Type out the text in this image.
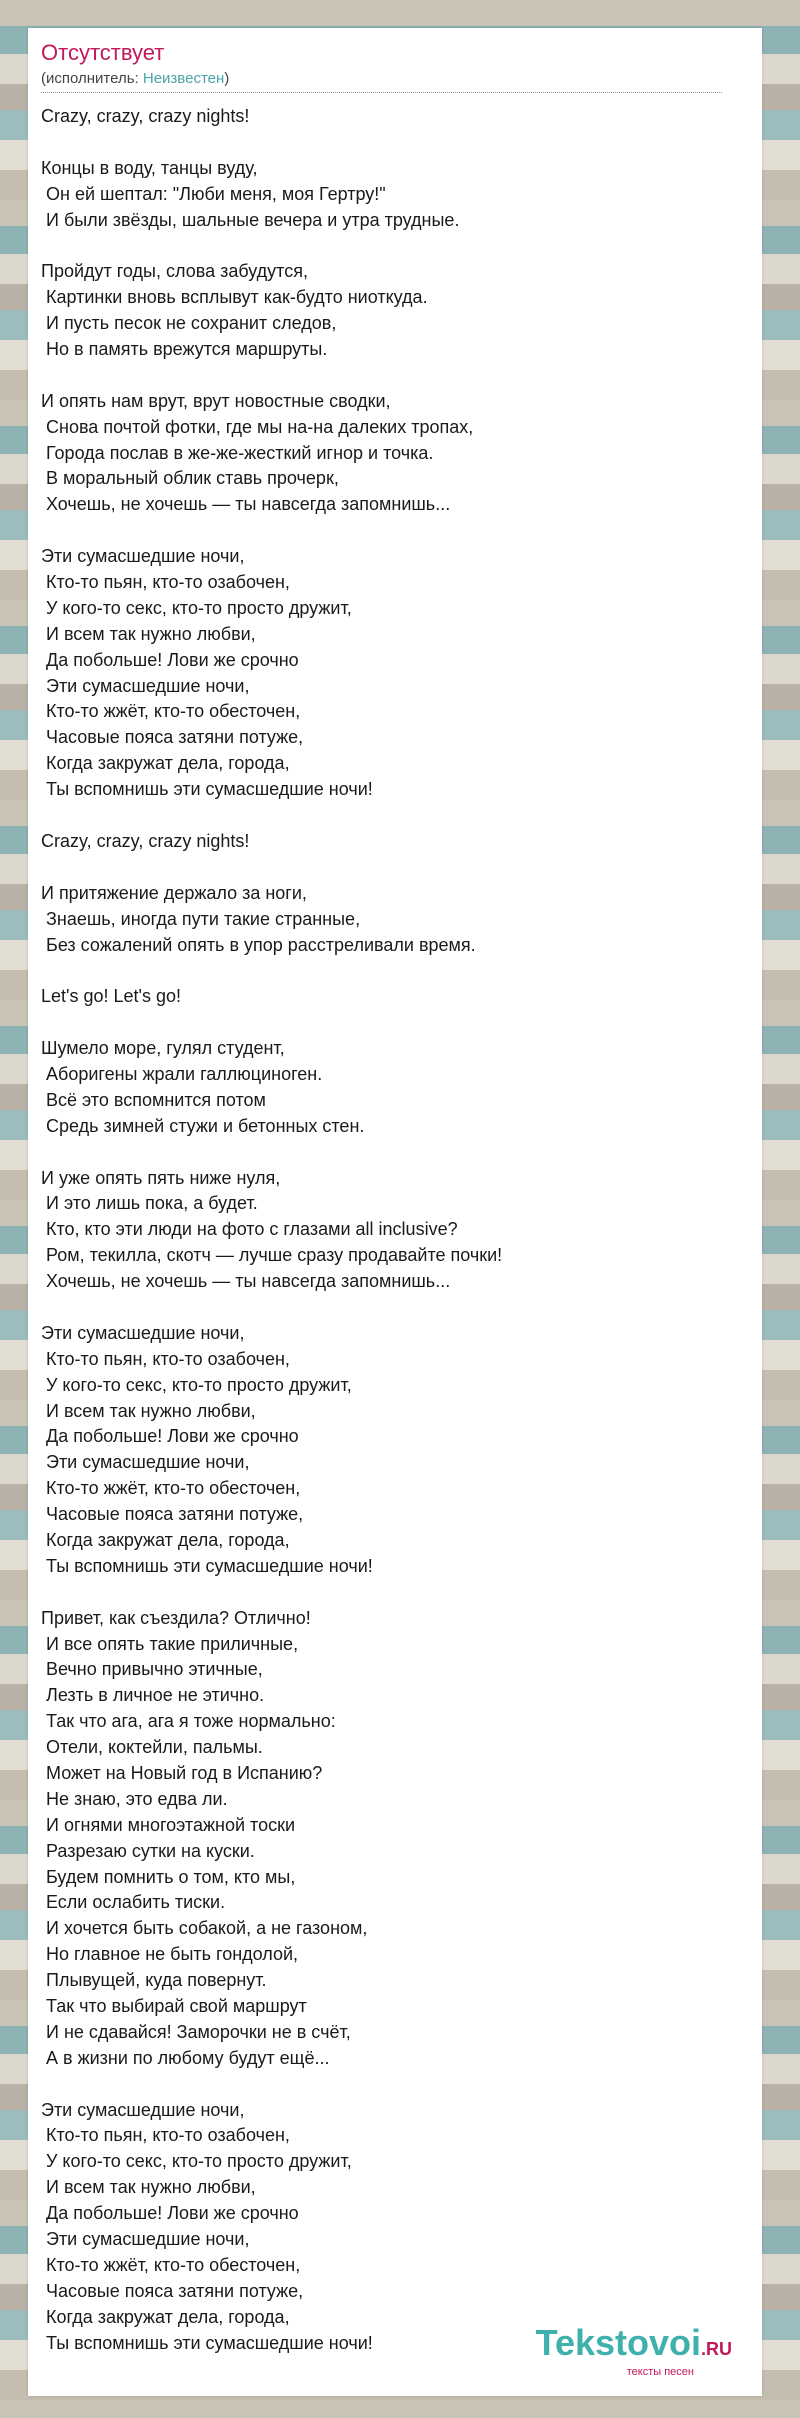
Отсутствует
(исполнитель: Неизвестен)
Crazy, crazy, crazy nights!
Концы в воду, танцы вуду,
Он ей шептал: "Люби меня, моя Гертру!"
И были звёзды, шальные вечера и утра трудные.
Пройдут годы, слова забудутся,
Картинки вновь всплывут как-будто ниоткуда.
И пусть песок не сохранит следов,
Но в память врежутся маршруты.
И опять нам врут, врут новостные сводки,
Снова почтой фотки, где мы на-на далеких тропах,
Города послав в же-же-жесткий игнор и точка.
В моральный облик ставь прочерк,
Хочешь, не хочешь — ты навсегда запомнишь...
Эти сумасшедшие ночи,
Кто-то пьян, кто-то озабочен,
У кого-то секс, кто-то просто дружит,
И всем так нужно любви,
Да побольше! Лови же срочно
Эти сумасшедшие ночи,
Кто-то жжёт, кто-то обесточен,
Часовые пояса затяни потуже,
Когда закружат дела, города,
Ты вспомнишь эти сумасшедшие ночи!
Crazy, crazy, crazy nights!
И притяжение держало за ноги,
Знаешь, иногда пути такие странные,
Без сожалений опять в упор расстреливали время.
Let's go! Let's go!
Шумело море, гулял студент,
Аборигены жрали галлюциноген.
Всё это вспомнится потом
Средь зимней стужи и бетонных стен.
И уже опять пять ниже нуля,
И это лишь пока, а будет.
Кто, кто эти люди на фото с глазами all inclusive?
Ром, текилла, скотч — лучше сразу продавайте почки!
Хочешь, не хочешь — ты навсегда запомнишь...
Эти сумасшедшие ночи,
Кто-то пьян, кто-то озабочен,
У кого-то секс, кто-то просто дружит,
И всем так нужно любви,
Да побольше! Лови же срочно
Эти сумасшедшие ночи,
Кто-то жжёт, кто-то обесточен,
Часовые пояса затяни потуже,
Когда закружат дела, города,
Ты вспомнишь эти сумасшедшие ночи!
Привет, как съездила? Отлично!
И все опять такие приличные,
Вечно привычно этичные,
Лезть в личное не этично.
Так что ага, ага я тоже нормально:
Отели, коктейли, пальмы.
Может на Новый год в Испанию?
Не знаю, это едва ли.
И огнями многоэтажной тоски
Разрезаю сутки на куски.
Будем помнить о том, кто мы,
Если ослабить тиски.
И хочется быть собакой, а не газоном,
Но главное не быть гондолой,
Плывущей, куда повернут.
Так что выбирай свой маршрут
И не сдавайся! Заморочки не в счёт,
А в жизни по любому будут ещё...
Эти сумасшедшие ночи,
Кто-то пьян, кто-то озабочен,
У кого-то секс, кто-то просто дружит,
И всем так нужно любви,
Да побольше! Лови же срочно
Эти сумасшедшие ночи,
Кто-то жжёт, кто-то обесточен,
Часовые пояса затяни потуже,
Когда закружат дела, города,
Ты вспомнишь эти сумасшедшие ночи!	Tekstovoi.RU
тексты песен
